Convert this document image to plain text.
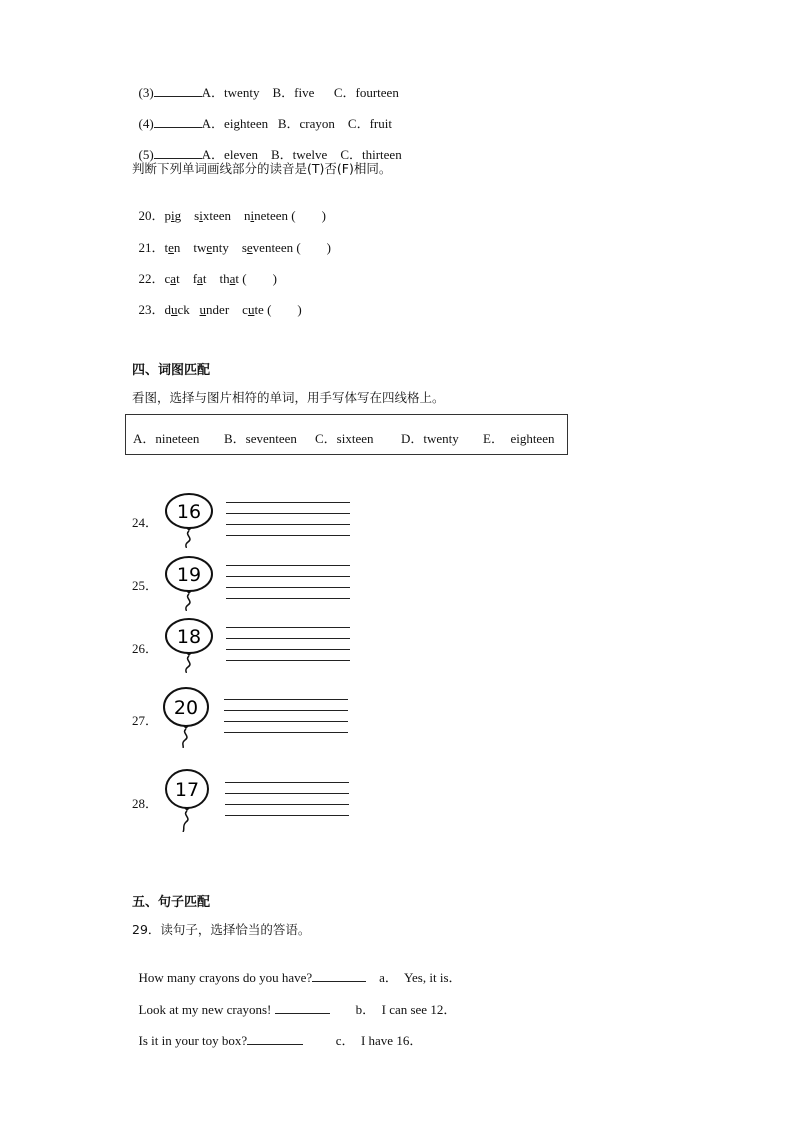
(3)	A．twenty B．five C．fourteen

(4)	A．eighteen B．crayon C．fruit

(5)	A．eleven B．twelve C．thirteen

判断下列单词画线部分的读音是(T)否(F)相同。

20．pig sixteen nineteen (        )

21．ten twenty seventeen (        )

22．cat fat that (        )

23．duck under cute (        )

四、词图匹配
看图，选择与图片相符的单词，用手写体写在四线格上。
A．nineteen B．seventeen C．sixteen D．twenty E．  eighteen
24． 16
25． 19
26．
18
27．
20
28．
17
五、句子匹配
29．读句子，选择恰当的答语。

How many crayons do you have?	a．  Yes, it is．

Look at my new crayons!	b．  I can see 12．

Is it in your toy box?	c．  I have 16．
